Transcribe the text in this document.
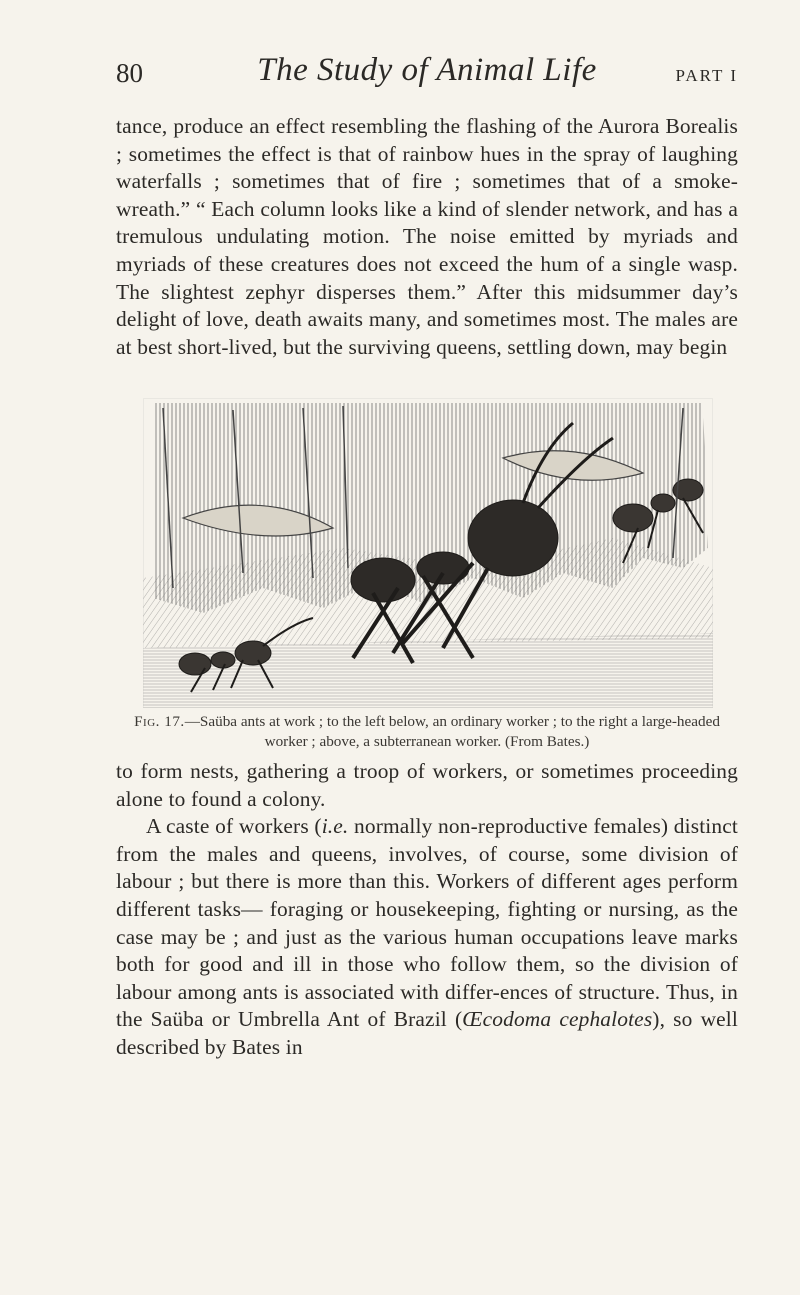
80	The Study of Animal Life	PART I

tance, produce an effect resembling the flashing of the Aurora Borealis ; sometimes the effect is that of rainbow hues in the spray of laughing waterfalls ; sometimes that of fire ; sometimes that of a smoke-wreath.” “ Each column looks like a kind of slender network, and has a tremulous undulating motion. The noise emitted by myriads and myriads of these creatures does not exceed the hum of a single wasp. The slightest zephyr disperses them.” After this midsummer day’s delight of love, death awaits many, and sometimes most. The males are at best short-lived, but the surviving queens, settling down, may begin

Fig. 17.—Saüba ants at work ; to the left below, an ordinary worker ; to the right a large-headed worker ; above, a subterranean worker. (From Bates.)

to form nests, gathering a troop of workers, or sometimes proceeding alone to found a colony.

A caste of workers (i.e. normally non-reproductive females) distinct from the males and queens, involves, of course, some division of labour ; but there is more than this. Workers of different ages perform different tasks— foraging or housekeeping, fighting or nursing, as the case may be ; and just as the various human occupations leave marks both for good and ill in those who follow them, so the division of labour among ants is associated with differ-ences of structure. Thus, in the Saüba or Umbrella Ant of Brazil (Œcodoma cephalotes), so well described by Bates in
